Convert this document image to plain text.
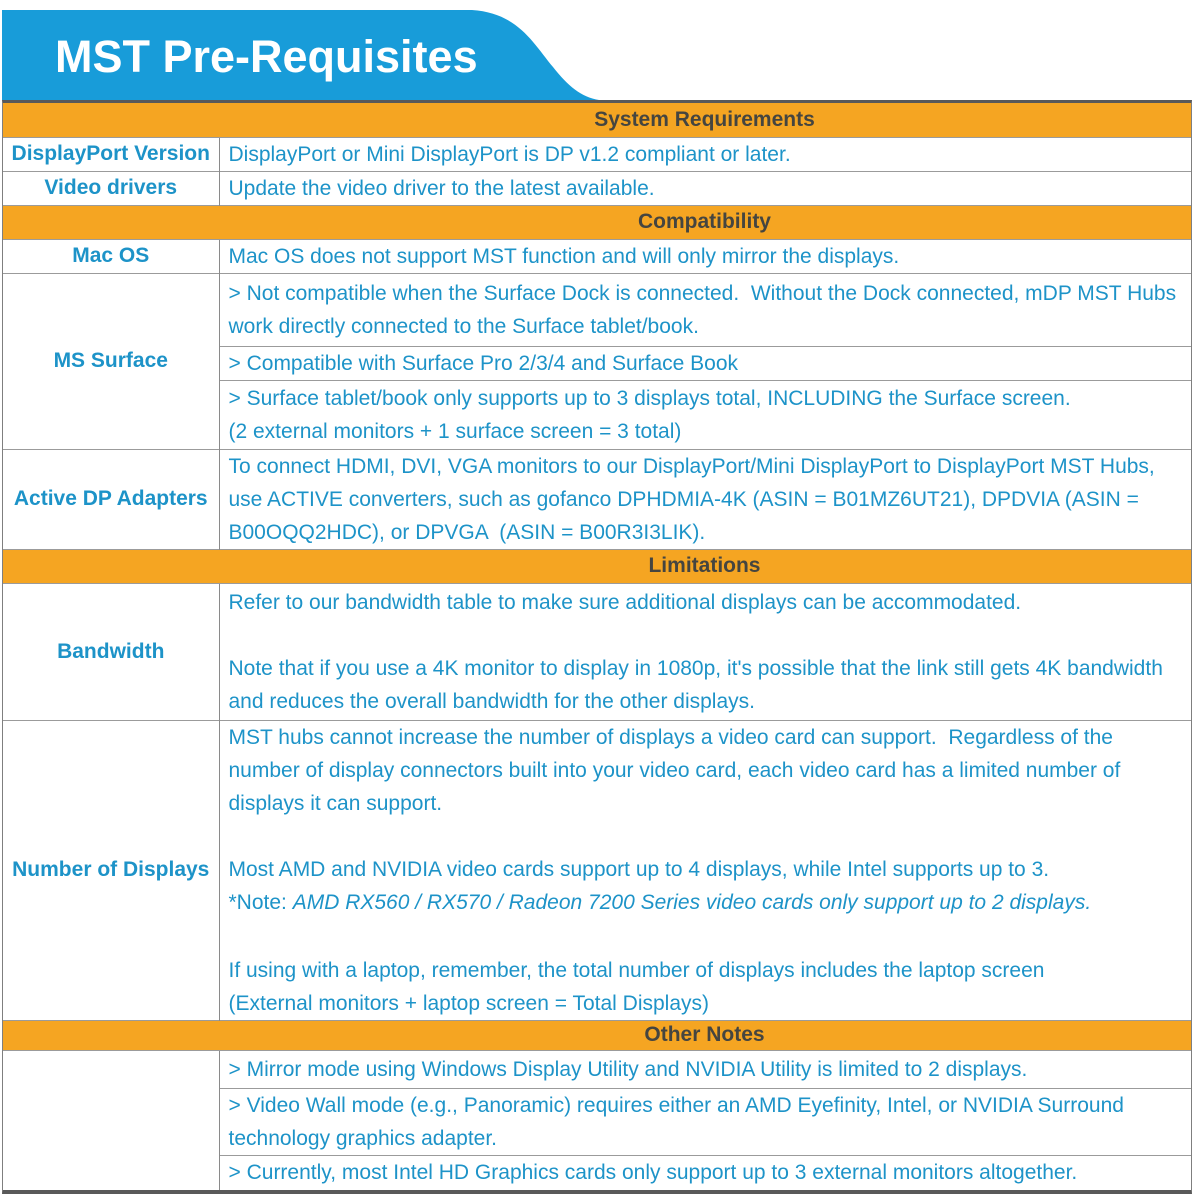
MST Pre-Requisites
System Requirements	
DisplayPort Version	DisplayPort or Mini DisplayPort is DP v1.2 compliant or later.

Video drivers	Update the video driver to the latest available.

Compatibility	
Mac OS	Mac OS does not support MST function and will only mirror the displays.

MS Surface	> Not compatible when the Surface Dock is connected.  Without the Dock connected, mDP MST Hubs work directly connected to the Surface tablet/book.

	> Compatible with Surface Pro 2/3/4 and Surface Book

	> Surface tablet/book only supports up to 3 displays total, INCLUDING the Surface screen.

(2 external monitors + 1 surface screen = 3 total)

Active DP Adapters	To connect HDMI, DVI, VGA monitors to our DisplayPort/Mini DisplayPort to DisplayPort MST Hubs, use ACTIVE converters, such as gofanco DPHDMIA-4K (ASIN = B01MZ6UT21), DPDVIA (ASIN = B00OQQ2HDC), or DPVGA  (ASIN = B00R3I3LIK).

Limitations	
Bandwidth	Refer to our bandwidth table to make sure additional displays can be accommodated.

Note that if you use a 4K monitor to display in 1080p, it's possible that the link still gets 4K bandwidth and reduces the overall bandwidth for the other displays.

Number of Displays	MST hubs cannot increase the number of displays a video card can support.  Regardless of the number of display connectors built into your video card, each video card has a limited number of displays it can support.

Most AMD and NVIDIA video cards support up to 4 displays, while Intel supports up to 3.

*Note: AMD RX560 / RX570 / Radeon 7200 Series video cards only support up to 2 displays.

If using with a laptop, remember, the total number of displays includes the laptop screen

(External monitors + laptop screen = Total Displays)

Other Notes	

	> Mirror mode using Windows Display Utility and NVIDIA Utility is limited to 2 displays.

	> Video Wall mode (e.g., Panoramic) requires either an AMD Eyefinity, Intel, or NVIDIA Surround technology graphics adapter.

	> Currently, most Intel HD Graphics cards only support up to 3 external monitors altogether.
